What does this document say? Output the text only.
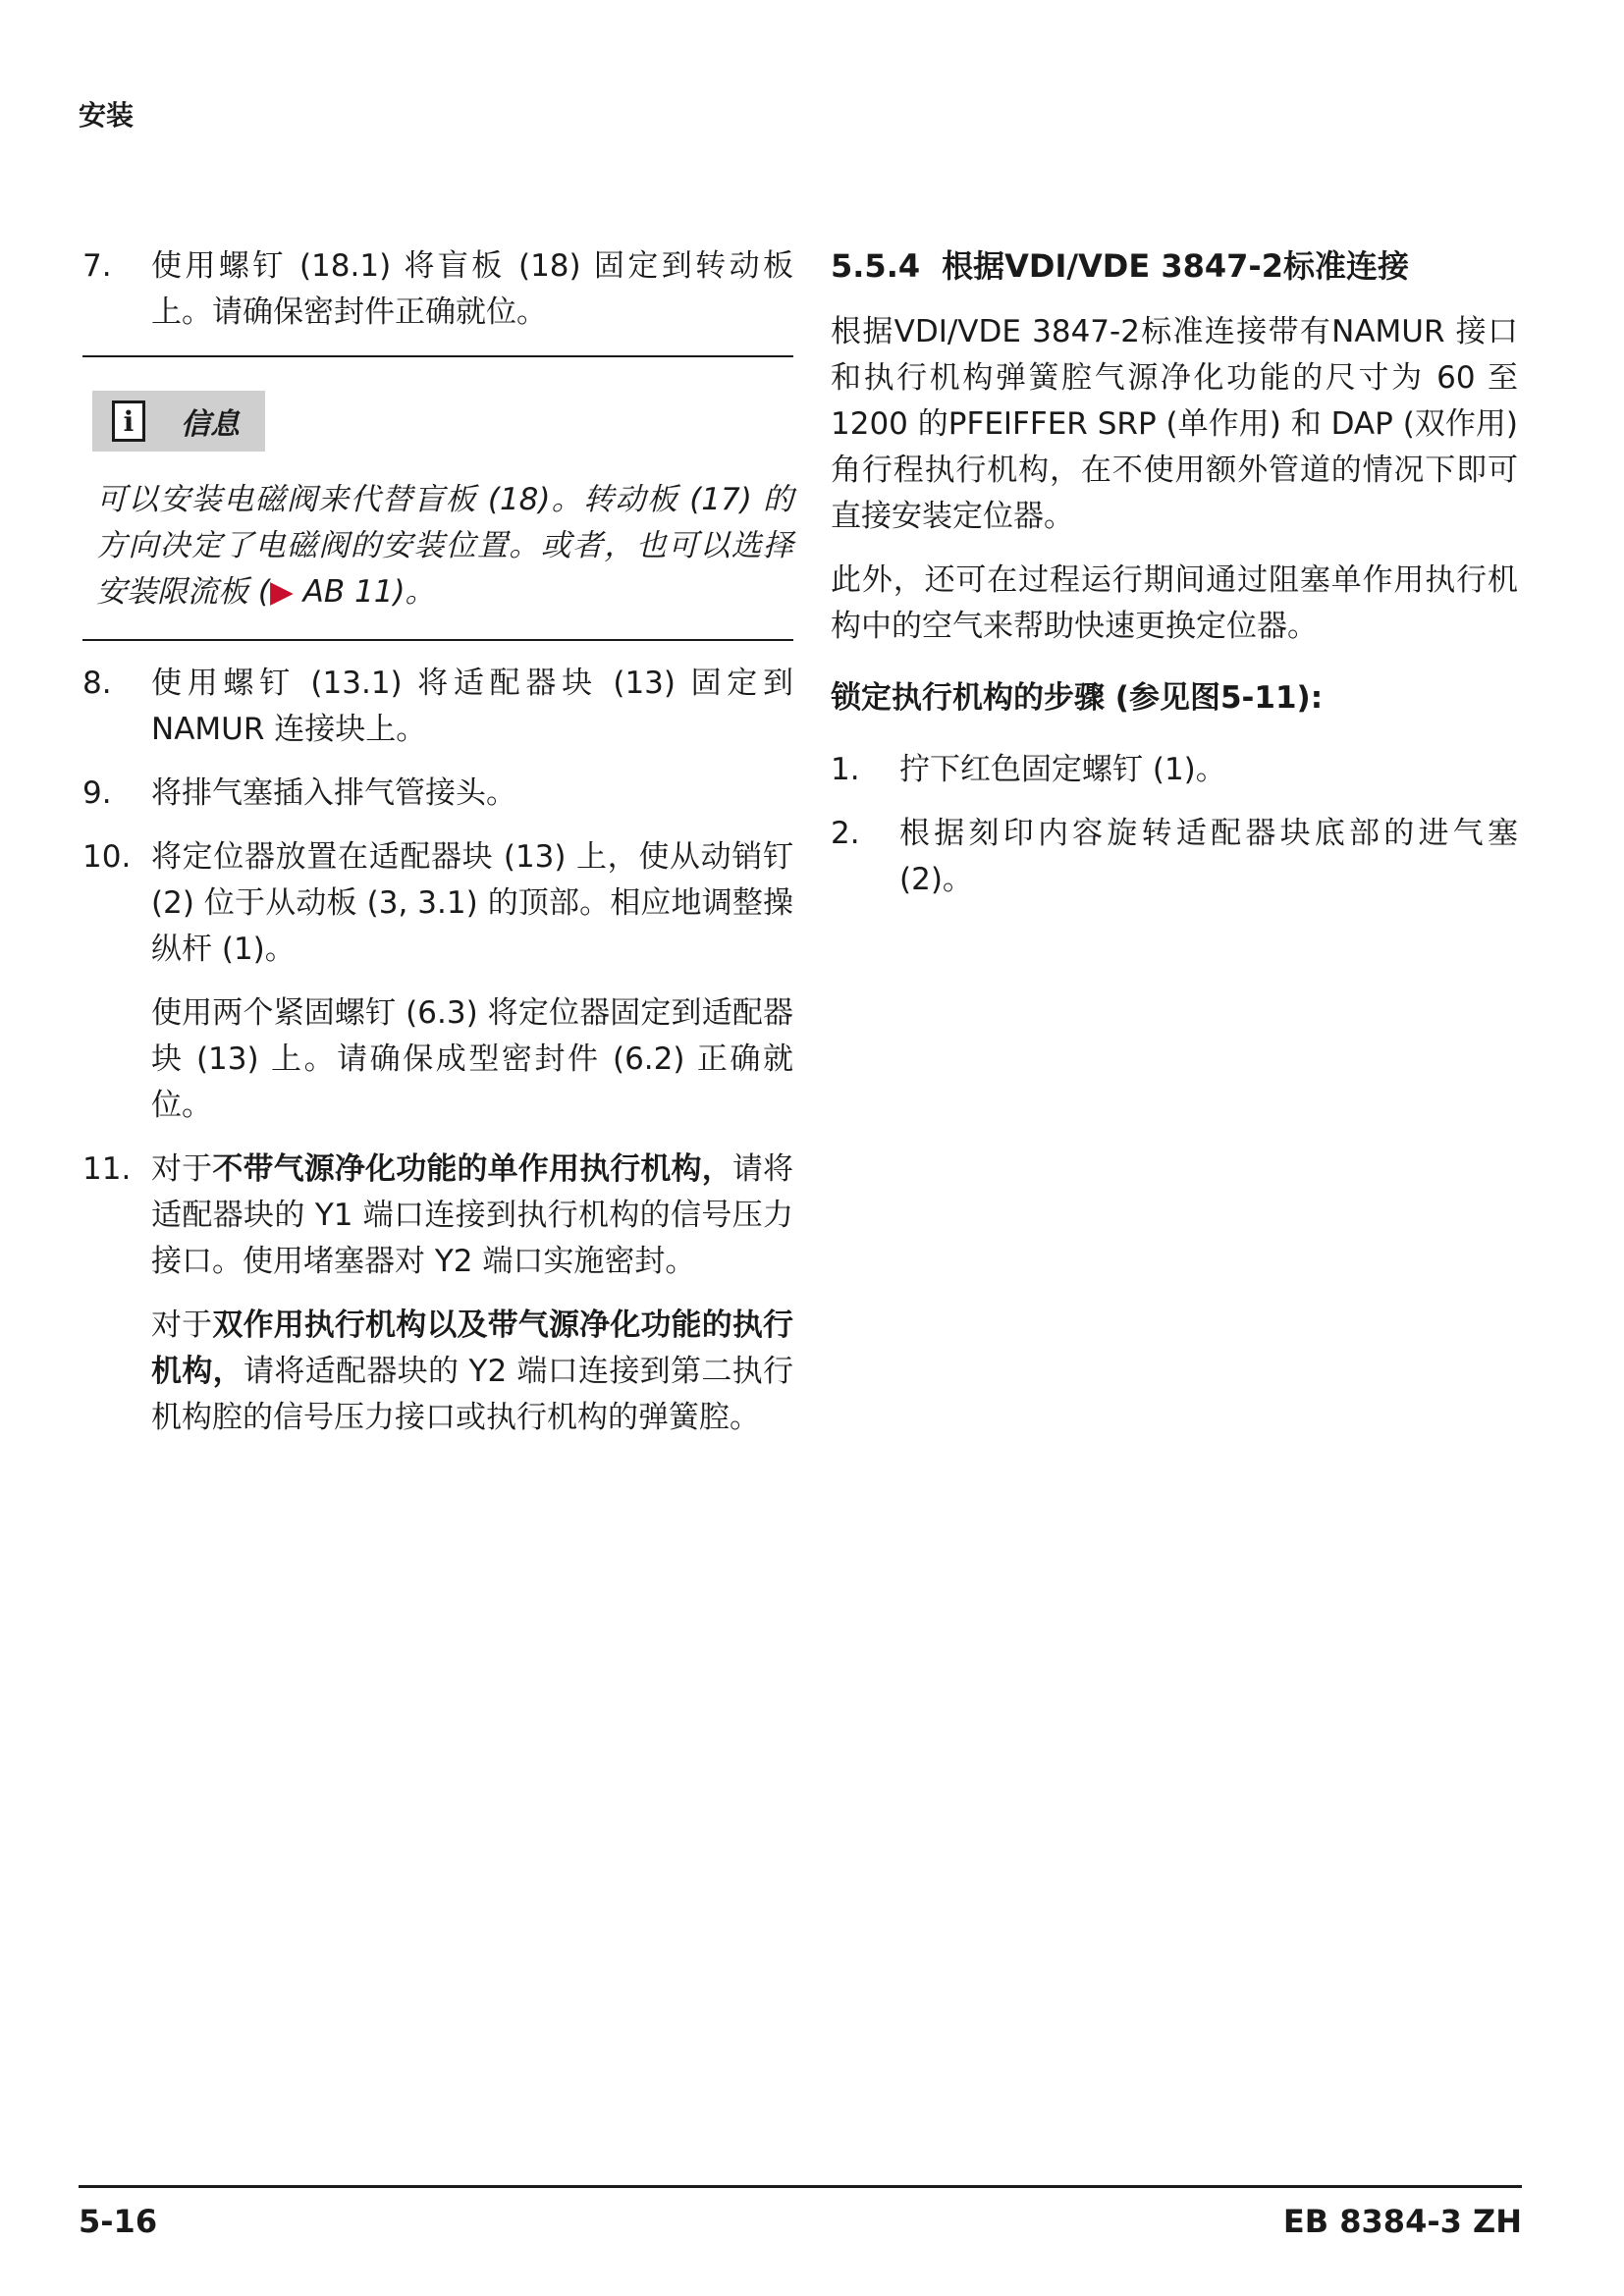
安装
7.	使用螺钉 (18.1) 将盲板 (18) 固定到转动板上。请确保密封件正确就位。

i	信息

可以安装电磁阀来代替盲板 (18)。转动板 (17) 的方向决定了电磁阀的安装位置。或者，也可以选择安装限流板 (▶ AB 11)。

8.	使用螺钉 (13.1) 将适配器块 (13) 固定到 NAMUR 连接块上。

9.	将排气塞插入排气管接头。

10. 将定位器放置在适配器块 (13) 上，使从动销钉 (2) 位于从动板 (3, 3.1) 的顶部。相应地调整操纵杆 (1)。

使用两个紧固螺钉 (6.3) 将定位器固定到适配器块 (13) 上。请确保成型密封件 (6.2) 正确就位。

11. 对于不带气源净化功能的单作用执行机构，请将适配器块的 Y1 端口连接到执行机构的信号压力接口。使用堵塞器对 Y2 端口实施密封。

对于双作用执行机构以及带气源净化功能的执行机构，请将适配器块的 Y2 端口连接到第二执行机构腔的信号压力接口或执行机构的弹簧腔。

5.5.4 根据VDI/VDE 3847-2标准连接

根据VDI/VDE 3847-2标准连接带有NAMUR 接口和执行机构弹簧腔气源净化功能的尺寸为 60 至 1200 的PFEIFFER SRP (单作用) 和 DAP (双作用) 角行程执行机构，在不使用额外管道的情况下即可直接安装定位器。

此外，还可在过程运行期间通过阻塞单作用执行机构中的空气来帮助快速更换定位器。

锁定执行机构的步骤 (参见图5-11):
1.	拧下红色固定螺钉 (1)。

2.	根据刻印内容旋转适配器块底部的进气塞 (2)。

5-16	EB 8384-3 ZH
